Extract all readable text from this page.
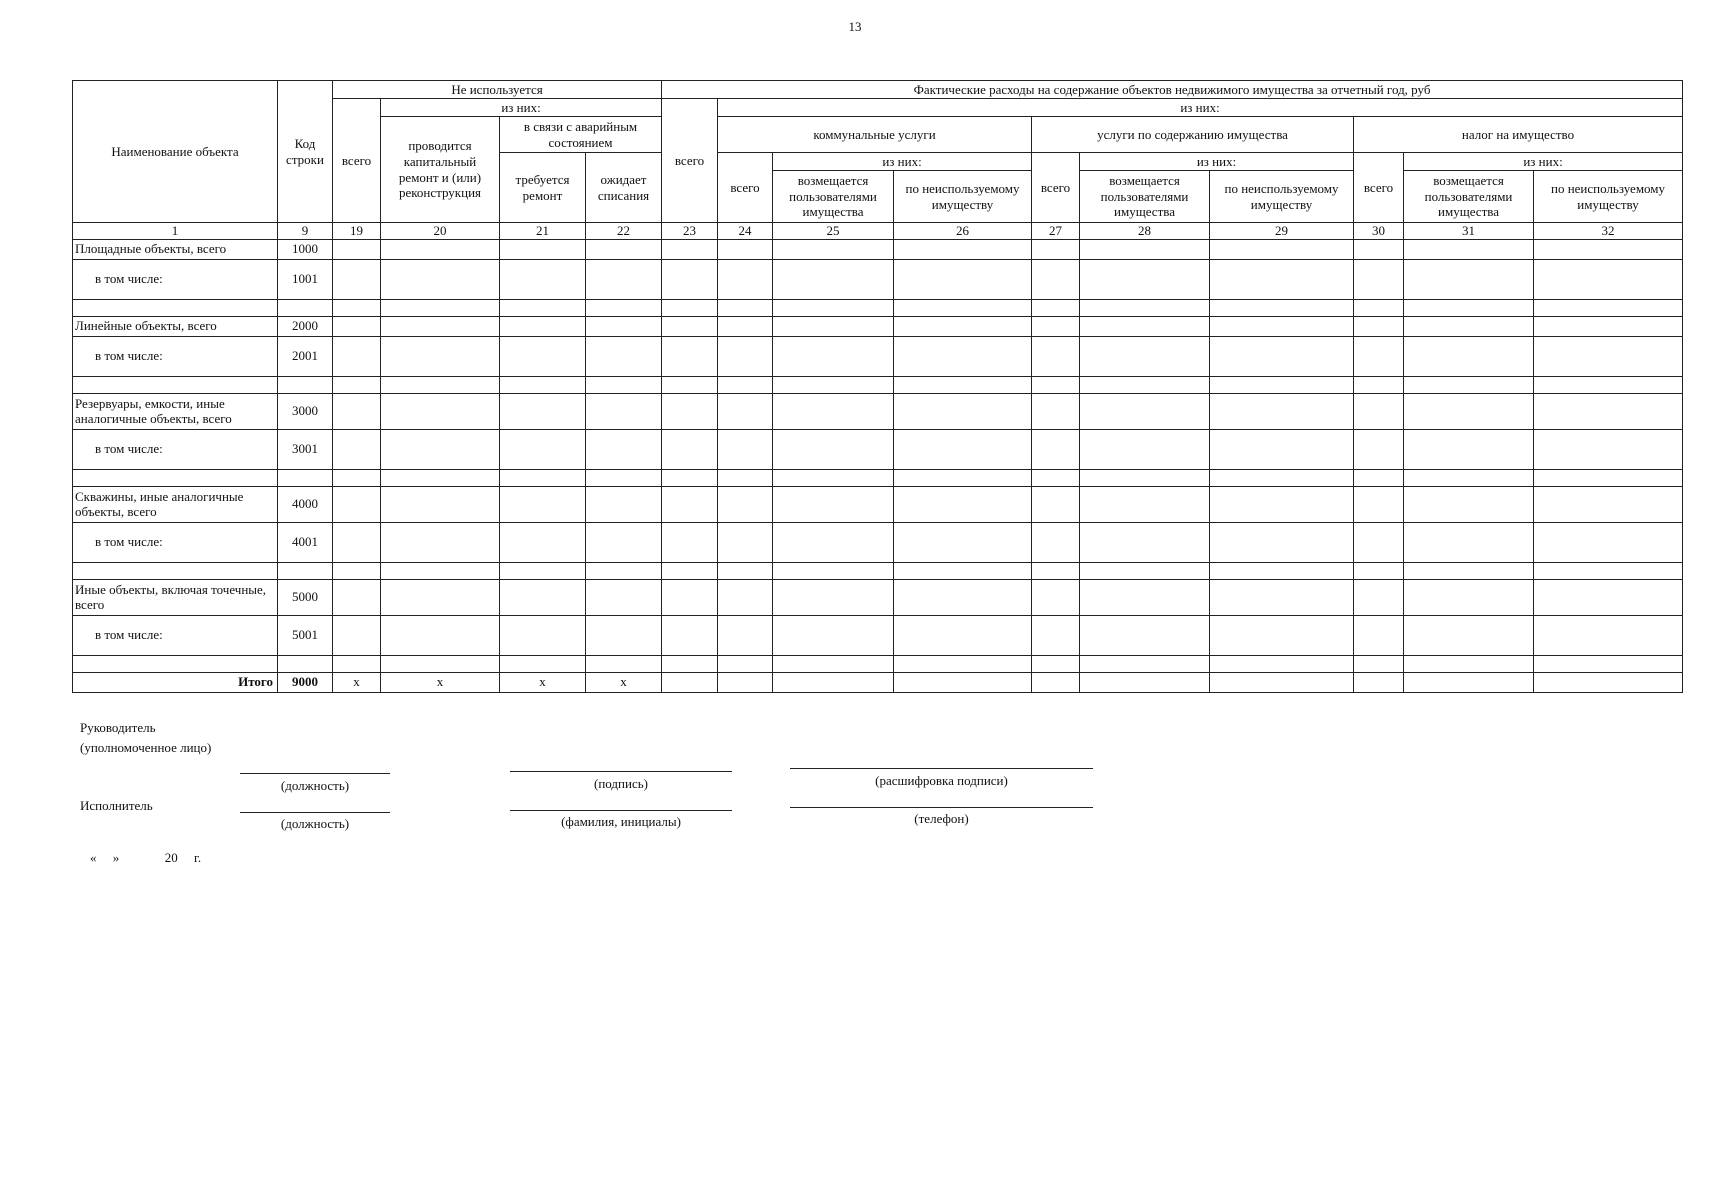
13
Наименование объекта	Код строки	Не используется				Фактические расходы на содержание объектов недвижимого имущества за отчетный год, руб									
		всего	из них:			всего	из них:								
			проводится капитальный ремонт и (или) реконструкция	в связи с аварийным состоянием			коммунальные услуги			услуги по содержанию имущества			налог на имущество		
				требуется ремонт	ожидает списания		всего	из них:		всего	из них:		всего	из них:	
								возмещается пользователями имущества	по неиспользуемому имуществу		возмещается пользователями имущества	по неиспользуемому имуществу		возмещается пользователями имущества	по неиспользуемому имуществу
1	9	19	20	21	22	23	24	25	26	27	28	29	30	31	32
Площадные объекты, всего	1000														
в том числе:	1001														

Линейные объекты, всего	2000														
в том числе:	2001														

Резервуары, емкости, иные аналогичные объекты, всего	3000														
в том числе:	3001														

Скважины, иные аналогичные объекты, всего	4000														
в том числе:	4001														

Иные объекты, включая точечные, всего	5000														
в том числе:	5001														

Итого	9000	x	x	x	x										
Руководитель (уполномоченное лицо)
(должность)	(подпись)	(расшифровка подписи)
Исполнитель
(должность)	(фамилия, инициалы)	(телефон)
«     »              20     г.
